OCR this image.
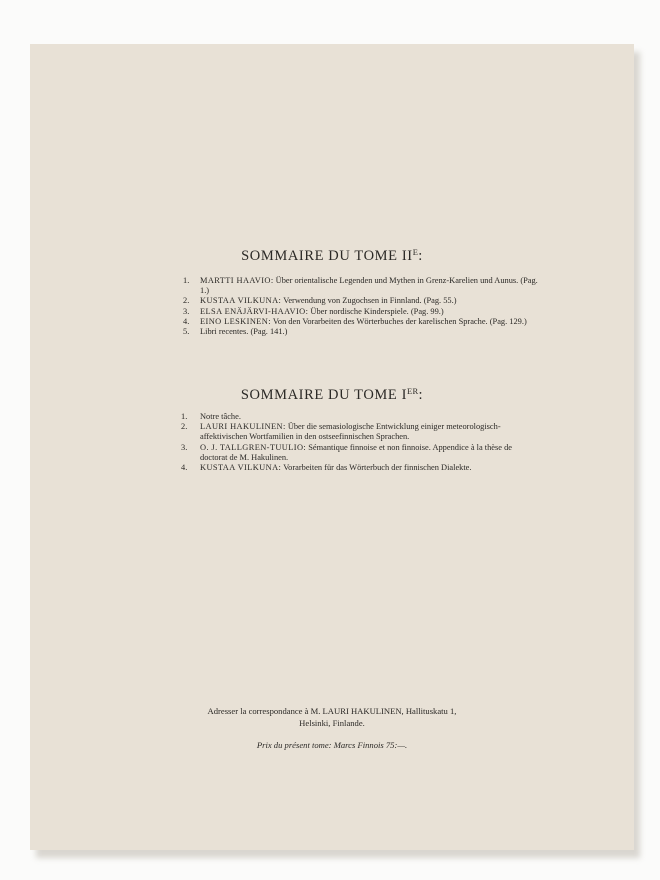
SOMMAIRE DU TOME $II^E$:
1.	MARTTI HAAVIO: Über orientalische Legenden und Mythen in Grenz-Karelien und Aunus. (Pag. 1.)
2.	KUSTAA VILKUNA: Verwendung von Zugochsen in Finnland. (Pag. 55.)
3.	ELSA ENÄJÄRVI-HAAVIO: Über nordische Kinderspiele. (Pag. 99.)
4.	EINO LESKINEN: Von den Vorarbeiten des Wörterbuches der karelischen Sprache. (Pag. 129.)
5.	Libri recentes. (Pag. 141.)
SOMMAIRE DU TOME IER:
1.	Notre tâche.
2.	LAURI HAKULINEN: Über die semasiologische Entwicklung einiger meteorologisch-affektivischen Wortfamilien in den ostseefinnischen Sprachen.
3.	O. J. TALLGREN-TUULIO: Sémantique finnoise et non finnoise. Appendice à la thèse de doctorat de M. Hakulinen.
4.	KUSTAA VILKUNA: Vorarbeiten für das Wörterbuch der finnischen Dialekte.
Adresser la correspondance à M. LAURI HAKULINEN, Hallituskatu 1,
Helsinki, Finlande.
Prix du présent tome: Marcs Finnois 75:—.
